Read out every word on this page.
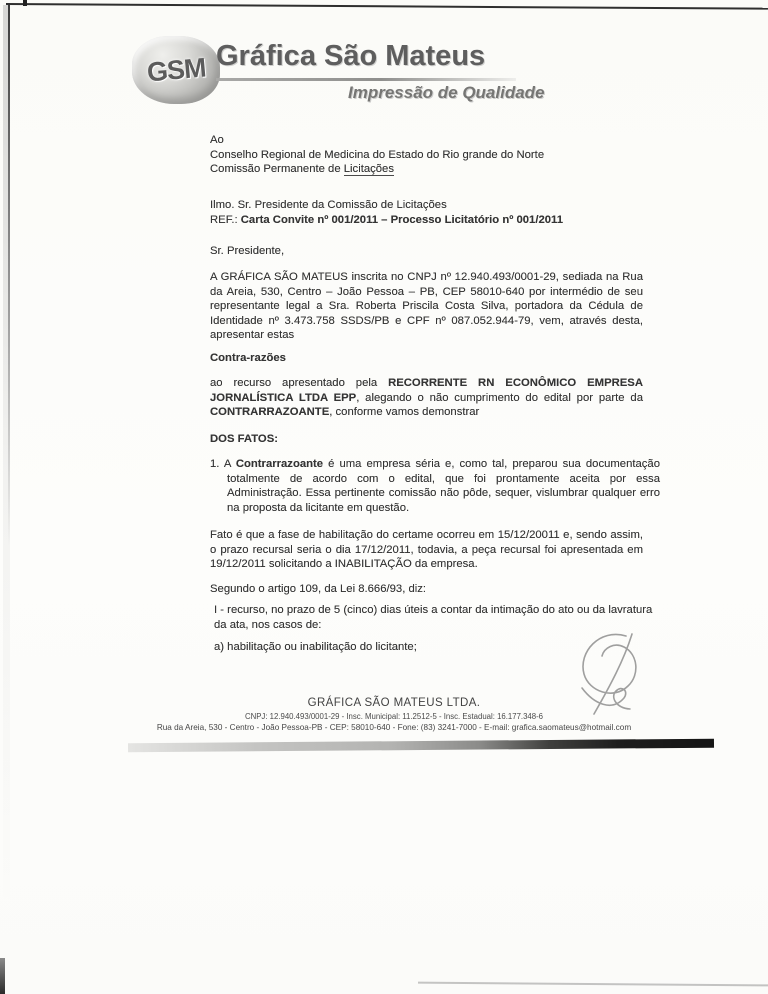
GSM Gráfica São Mateus
Impressão de Qualidade
Ao
Conselho Regional de Medicina do Estado do Rio grande do Norte
Comissão Permanente de Licitações
Ilmo. Sr. Presidente da Comissão de Licitações
REF.: Carta Convite nº 001/2011 – Processo Licitatório nº 001/2011
Sr. Presidente,
A GRÁFICA SÃO MATEUS inscrita no CNPJ nº 12.940.493/0001-29, sediada na Rua da Areia, 530, Centro – João Pessoa – PB, CEP 58010-640 por intermédio de seu representante legal a Sra. Roberta Priscila Costa Silva, portadora da Cédula de Identidade nº 3.473.758 SSDS/PB e CPF nº 087.052.944-79, vem, através desta, apresentar estas
Contra-razões
ao recurso apresentado pela RECORRENTE RN ECONÔMICO EMPRESA JORNALÍSTICA LTDA EPP, alegando o não cumprimento do edital por parte da CONTRARRAZOANTE, conforme vamos demonstrar
DOS FATOS:
1. A Contrarrazoante é uma empresa séria e, como tal, preparou sua documentação totalmente de acordo com o edital, que foi prontamente aceita por essa Administração. Essa pertinente comissão não pôde, sequer, vislumbrar qualquer erro na proposta da licitante em questão.
Fato é que a fase de habilitação do certame ocorreu em 15/12/20011 e, sendo assim, o prazo recursal seria o dia 17/12/2011, todavia, a peça recursal foi apresentada em 19/12/2011 solicitando a INABILITAÇÃO da empresa.
Segundo o artigo 109, da Lei 8.666/93, diz:
I - recurso, no prazo de 5 (cinco) dias úteis a contar da intimação do ato ou da lavratura da ata, nos casos de:
a) habilitação ou inabilitação do licitante;
GRÁFICA SÃO MATEUS LTDA.
CNPJ: 12.940.493/0001-29 - Insc. Municipal: 11.2512-5 - Insc. Estadual: 16.177.348-6
Rua da Areia, 530 - Centro - João Pessoa-PB - CEP: 58010-640 - Fone: (83) 3241-7000 - E-mail: grafica.saomateus@hotmail.com
